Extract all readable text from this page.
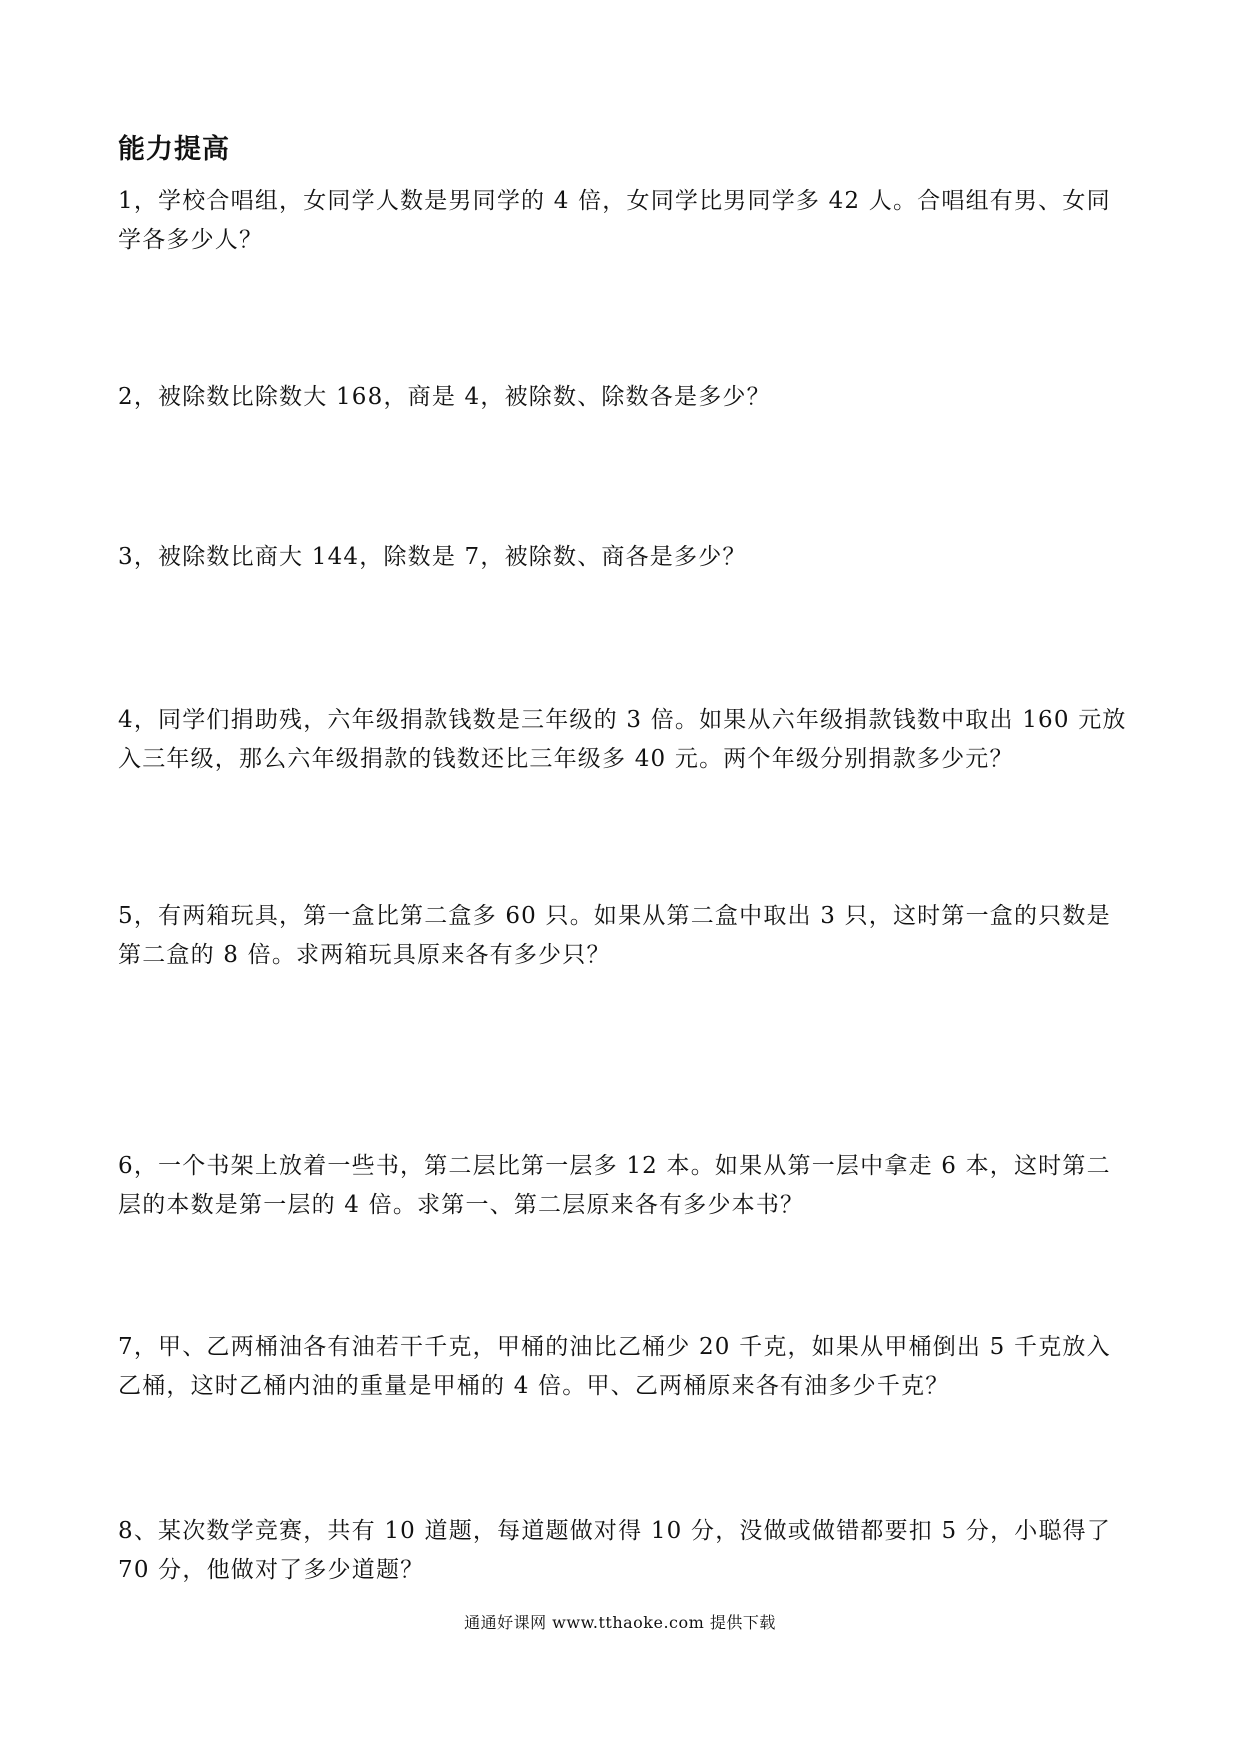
能力提高
1，学校合唱组，女同学人数是男同学的 4 倍，女同学比男同学多 42 人。合唱组有男、女同
学各多少人？
2，被除数比除数大 168，商是 4，被除数、除数各是多少？
3，被除数比商大 144，除数是 7，被除数、商各是多少？
4，同学们捐助残，六年级捐款钱数是三年级的 3 倍。如果从六年级捐款钱数中取出 160 元放
入三年级，那么六年级捐款的钱数还比三年级多 40 元。两个年级分别捐款多少元？
5，有两箱玩具，第一盒比第二盒多 60 只。如果从第二盒中取出 3 只，这时第一盒的只数是
第二盒的 8 倍。求两箱玩具原来各有多少只？
6，一个书架上放着一些书，第二层比第一层多 12 本。如果从第一层中拿走 6 本，这时第二
层的本数是第一层的 4 倍。求第一、第二层原来各有多少本书？
7，甲、乙两桶油各有油若干千克，甲桶的油比乙桶少 20 千克，如果从甲桶倒出 5 千克放入
乙桶，这时乙桶内油的重量是甲桶的 4 倍。甲、乙两桶原来各有油多少千克？
8、某次数学竞赛，共有 10 道题，每道题做对得 10 分，没做或做错都要扣 5 分，小聪得了
70 分，他做对了多少道题？
通通好课网 www.tthaoke.com 提供下载
